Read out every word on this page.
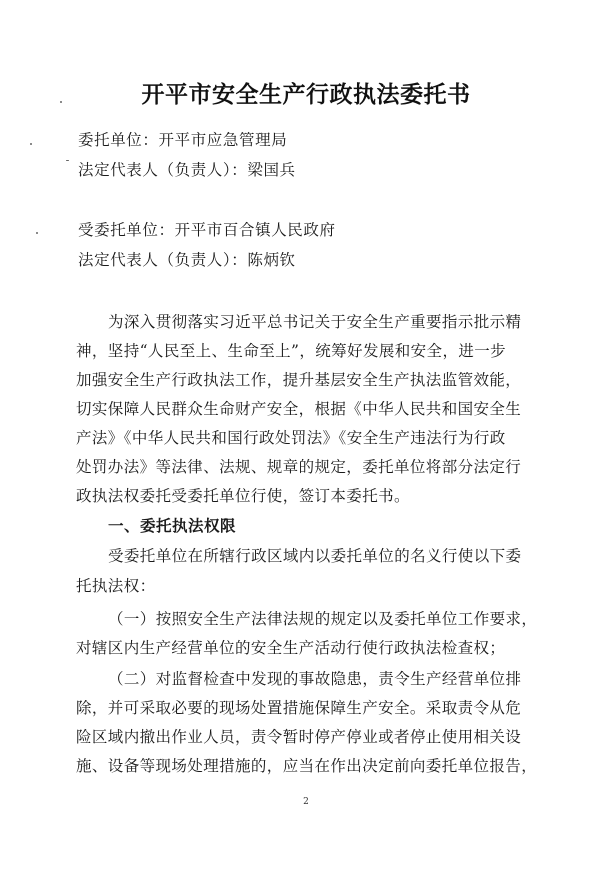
开平市安全生产行政执法委托书
委托单位：开平市应急管理局
法定代表人（负责人）：梁国兵
受委托单位：开平市百合镇人民政府
法定代表人（负责人）：陈炳钦
为深入贯彻落实习近平总书记关于安全生产重要指示批示精
神，坚持“人民至上、生命至上”，统筹好发展和安全，进一步
加强安全生产行政执法工作，提升基层安全生产执法监管效能，
切实保障人民群众生命财产安全，根据《中华人民共和国安全生
产法》《中华人民共和国行政处罚法》《安全生产违法行为行政
处罚办法》等法律、法规、规章的规定，委托单位将部分法定行
政执法权委托受委托单位行使，签订本委托书。
一、委托执法权限
受委托单位在所辖行政区域内以委托单位的名义行使以下委
托执法权：
（一）按照安全生产法律法规的规定以及委托单位工作要求，
对辖区内生产经营单位的安全生产活动行使行政执法检查权；
（二）对监督检查中发现的事故隐患，责令生产经营单位排
除，并可采取必要的现场处置措施保障生产安全。采取责令从危
险区域内撤出作业人员，责令暂时停产停业或者停止使用相关设
施、设备等现场处理措施的，应当在作出决定前向委托单位报告，
2
